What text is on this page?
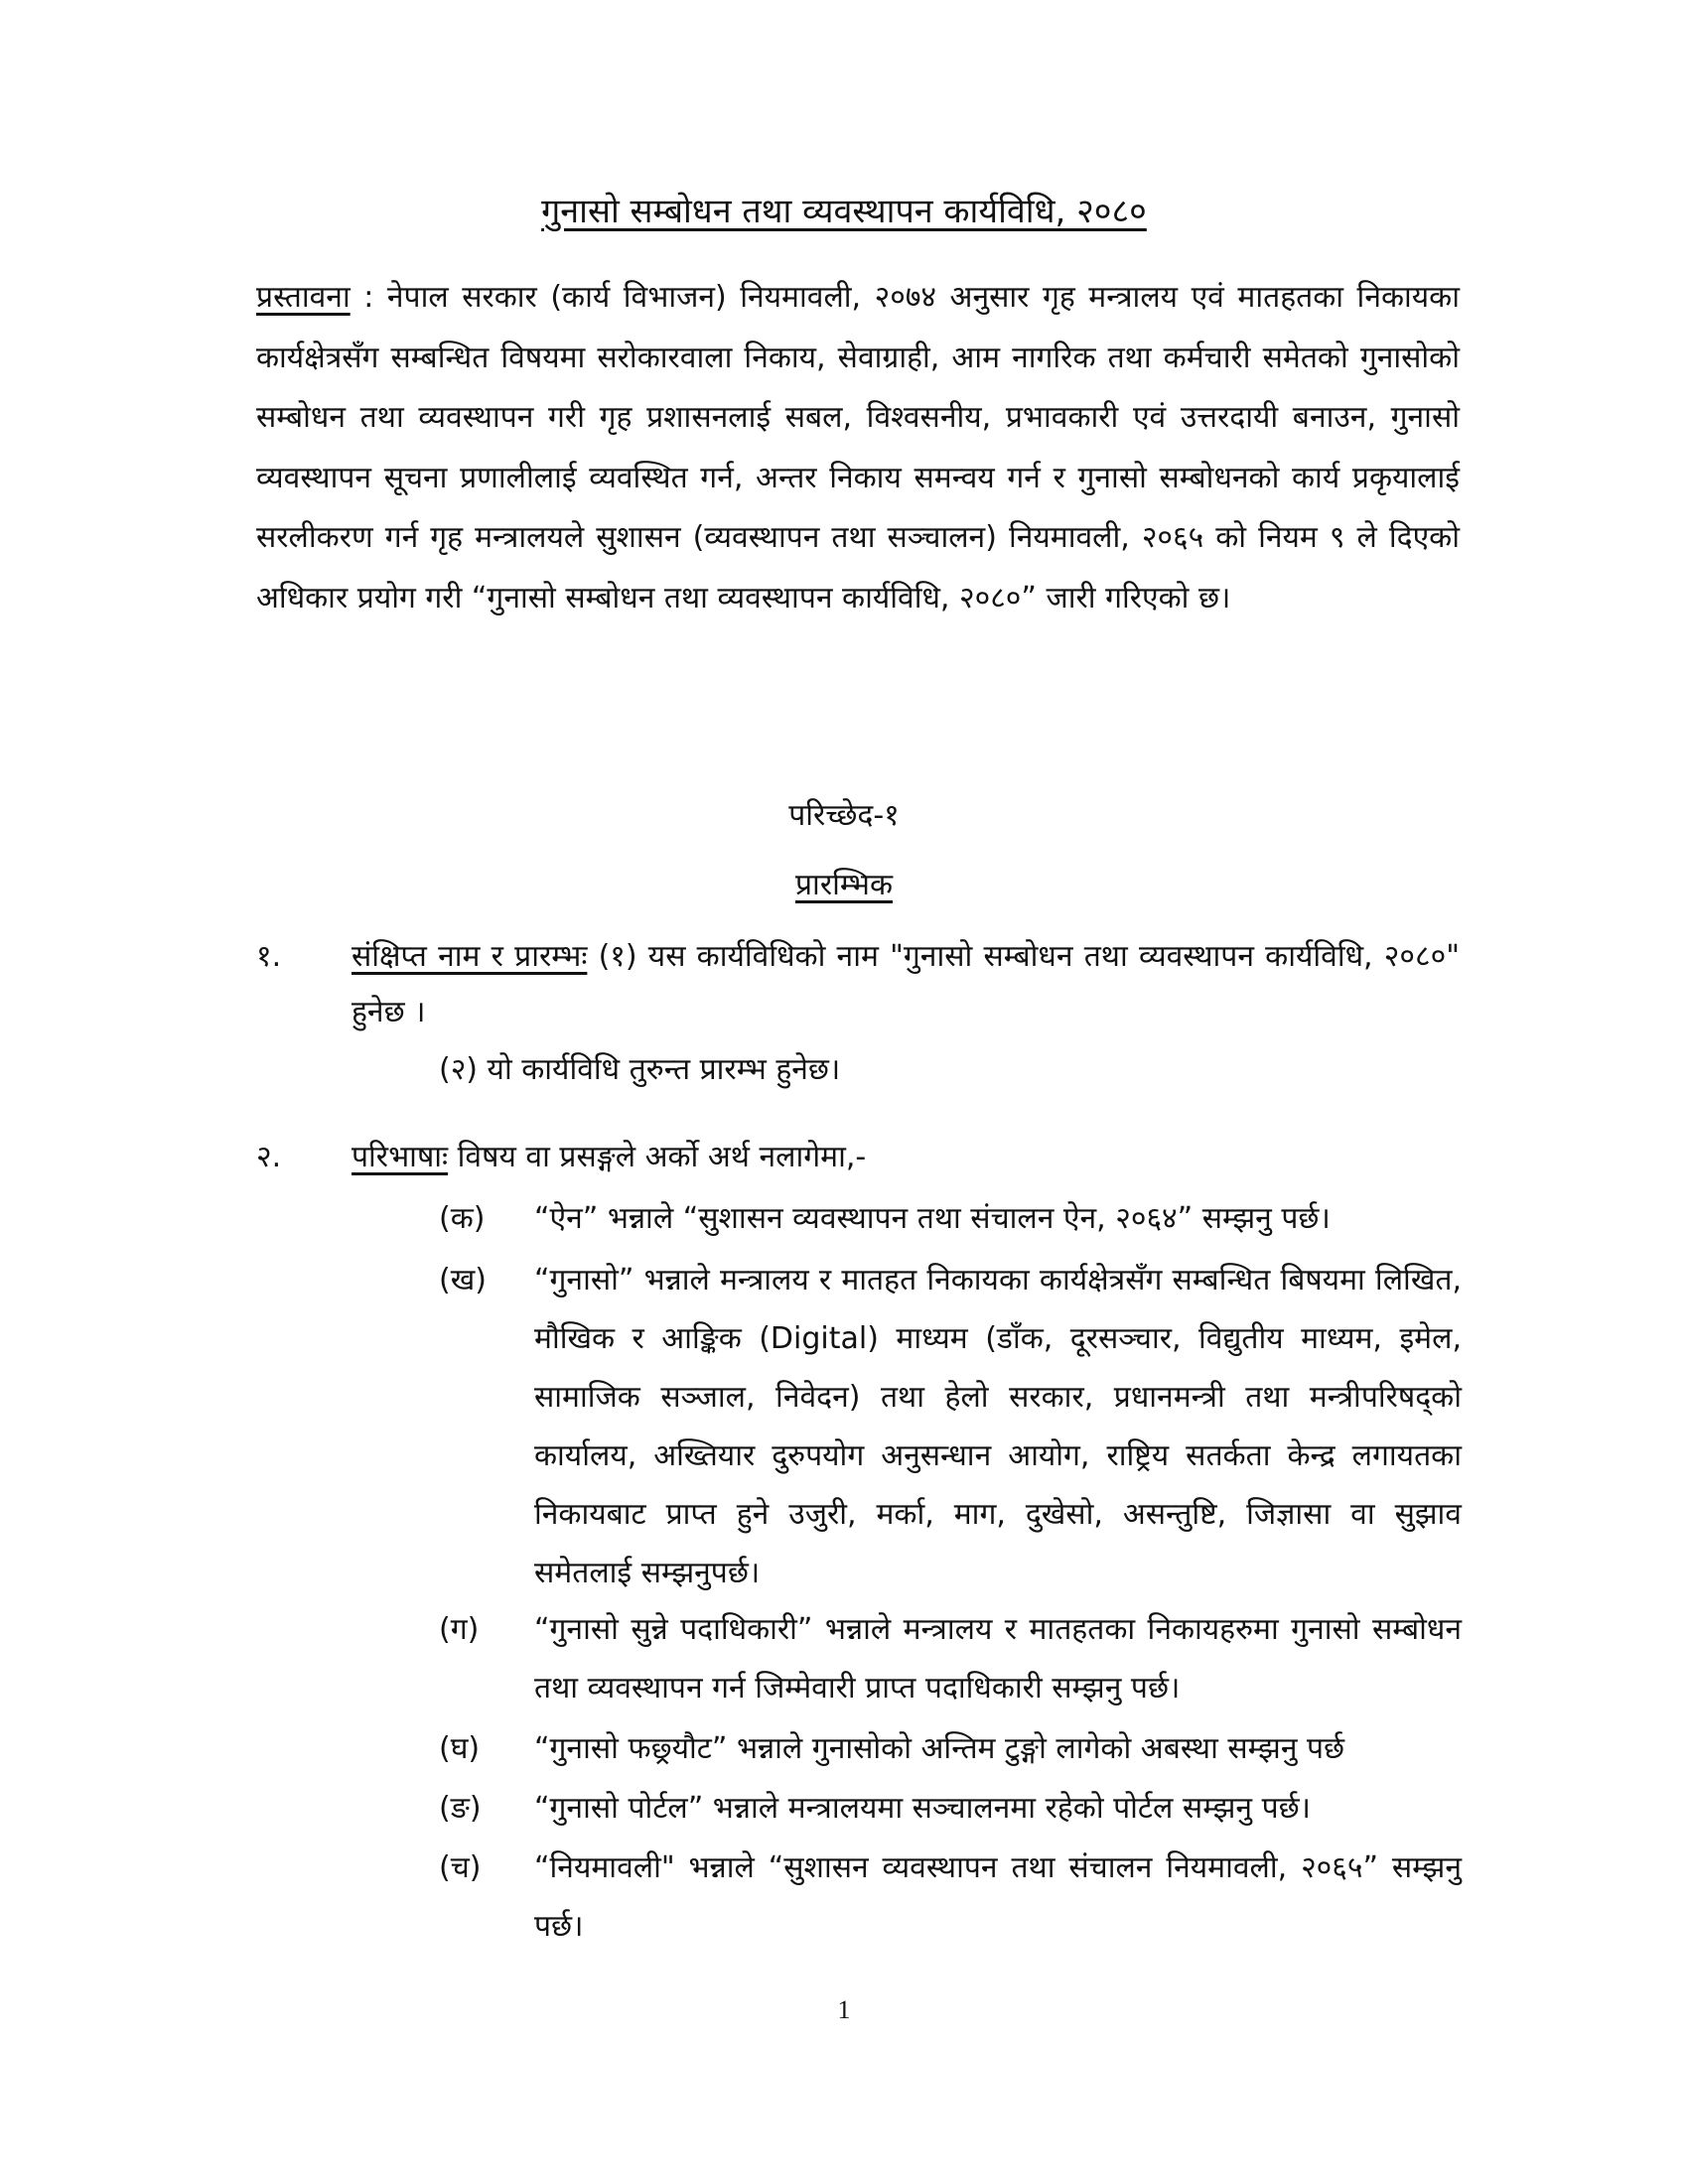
गुनासो सम्बोधन तथा व्यवस्थापन कार्यविधि, २०८०
प्रस्तावना : नेपाल सरकार (कार्य विभाजन) नियमावली, २०७४ अनुसार गृह मन्त्रालय एवं मातहतका निकायका कार्यक्षेत्रसँग सम्बन्धित विषयमा सरोकारवाला निकाय, सेवाग्राही, आम नागरिक तथा कर्मचारी समेतको गुनासोको सम्बोधन तथा व्यवस्थापन गरी गृह प्रशासनलाई सबल, विश्वसनीय, प्रभावकारी एवं उत्तरदायी बनाउन, गुनासो व्यवस्थापन सूचना प्रणालीलाई व्यवस्थित गर्न, अन्तर निकाय समन्वय गर्न र गुनासो सम्बोधनको कार्य प्रकृयालाई सरलीकरण गर्न गृह मन्त्रालयले सुशासन (व्यवस्थापन तथा सञ्चालन) नियमावली, २०६५ को नियम ९ ले दिएको अधिकार प्रयोग गरी “गुनासो सम्बोधन तथा व्यवस्थापन कार्यविधि, २०८०” जारी गरिएको छ।
परिच्छेद-१
प्रारम्भिक
१. संक्षिप्त नाम र प्रारम्भः (१) यस कार्यविधिको नाम "गुनासो सम्बोधन तथा व्यवस्थापन कार्यविधि, २०८०" हुनेछ ।
(२) यो कार्यविधि तुरुन्त प्रारम्भ हुनेछ।
२. परिभाषाः विषय वा प्रसङ्गले अर्को अर्थ नलागेमा,-
(क) “ऐन” भन्नाले “सुशासन व्यवस्थापन तथा संचालन ऐन, २०६४” सम्झनु पर्छ।
(ख) “गुनासो” भन्नाले मन्त्रालय र मातहत निकायका कार्यक्षेत्रसँग सम्बन्धित बिषयमा लिखित, मौखिक र आङ्किक (Digital) माध्यम (डाँक, दूरसञ्चार, विद्युतीय माध्यम, इमेल, सामाजिक सञ्जाल, निवेदन) तथा हेलो सरकार, प्रधानमन्त्री तथा मन्त्रीपरिषद्को कार्यालय, अख्तियार दुरुपयोग अनुसन्धान आयोग, राष्ट्रिय सतर्कता केन्द्र लगायतका निकायबाट प्राप्त हुने उजुरी, मर्का, माग, दुखेसो, असन्तुष्टि, जिज्ञासा वा सुझाव समेतलाई सम्झनुपर्छ।
(ग) “गुनासो सुन्ने पदाधिकारी” भन्नाले मन्त्रालय र मातहतका निकायहरुमा गुनासो सम्बोधन तथा व्यवस्थापन गर्न जिम्मेवारी प्राप्त पदाधिकारी सम्झनु पर्छ।
(घ) “गुनासो फछ्र्यौट” भन्नाले गुनासोको अन्तिम टुङ्गो लागेको अबस्था सम्झनु पर्छ
(ङ) “गुनासो पोर्टल” भन्नाले मन्त्रालयमा सञ्चालनमा रहेको पोर्टल सम्झनु पर्छ।
(च) “नियमावली" भन्नाले “सुशासन व्यवस्थापन तथा संचालन नियमावली, २०६५” सम्झनु पर्छ।
1
